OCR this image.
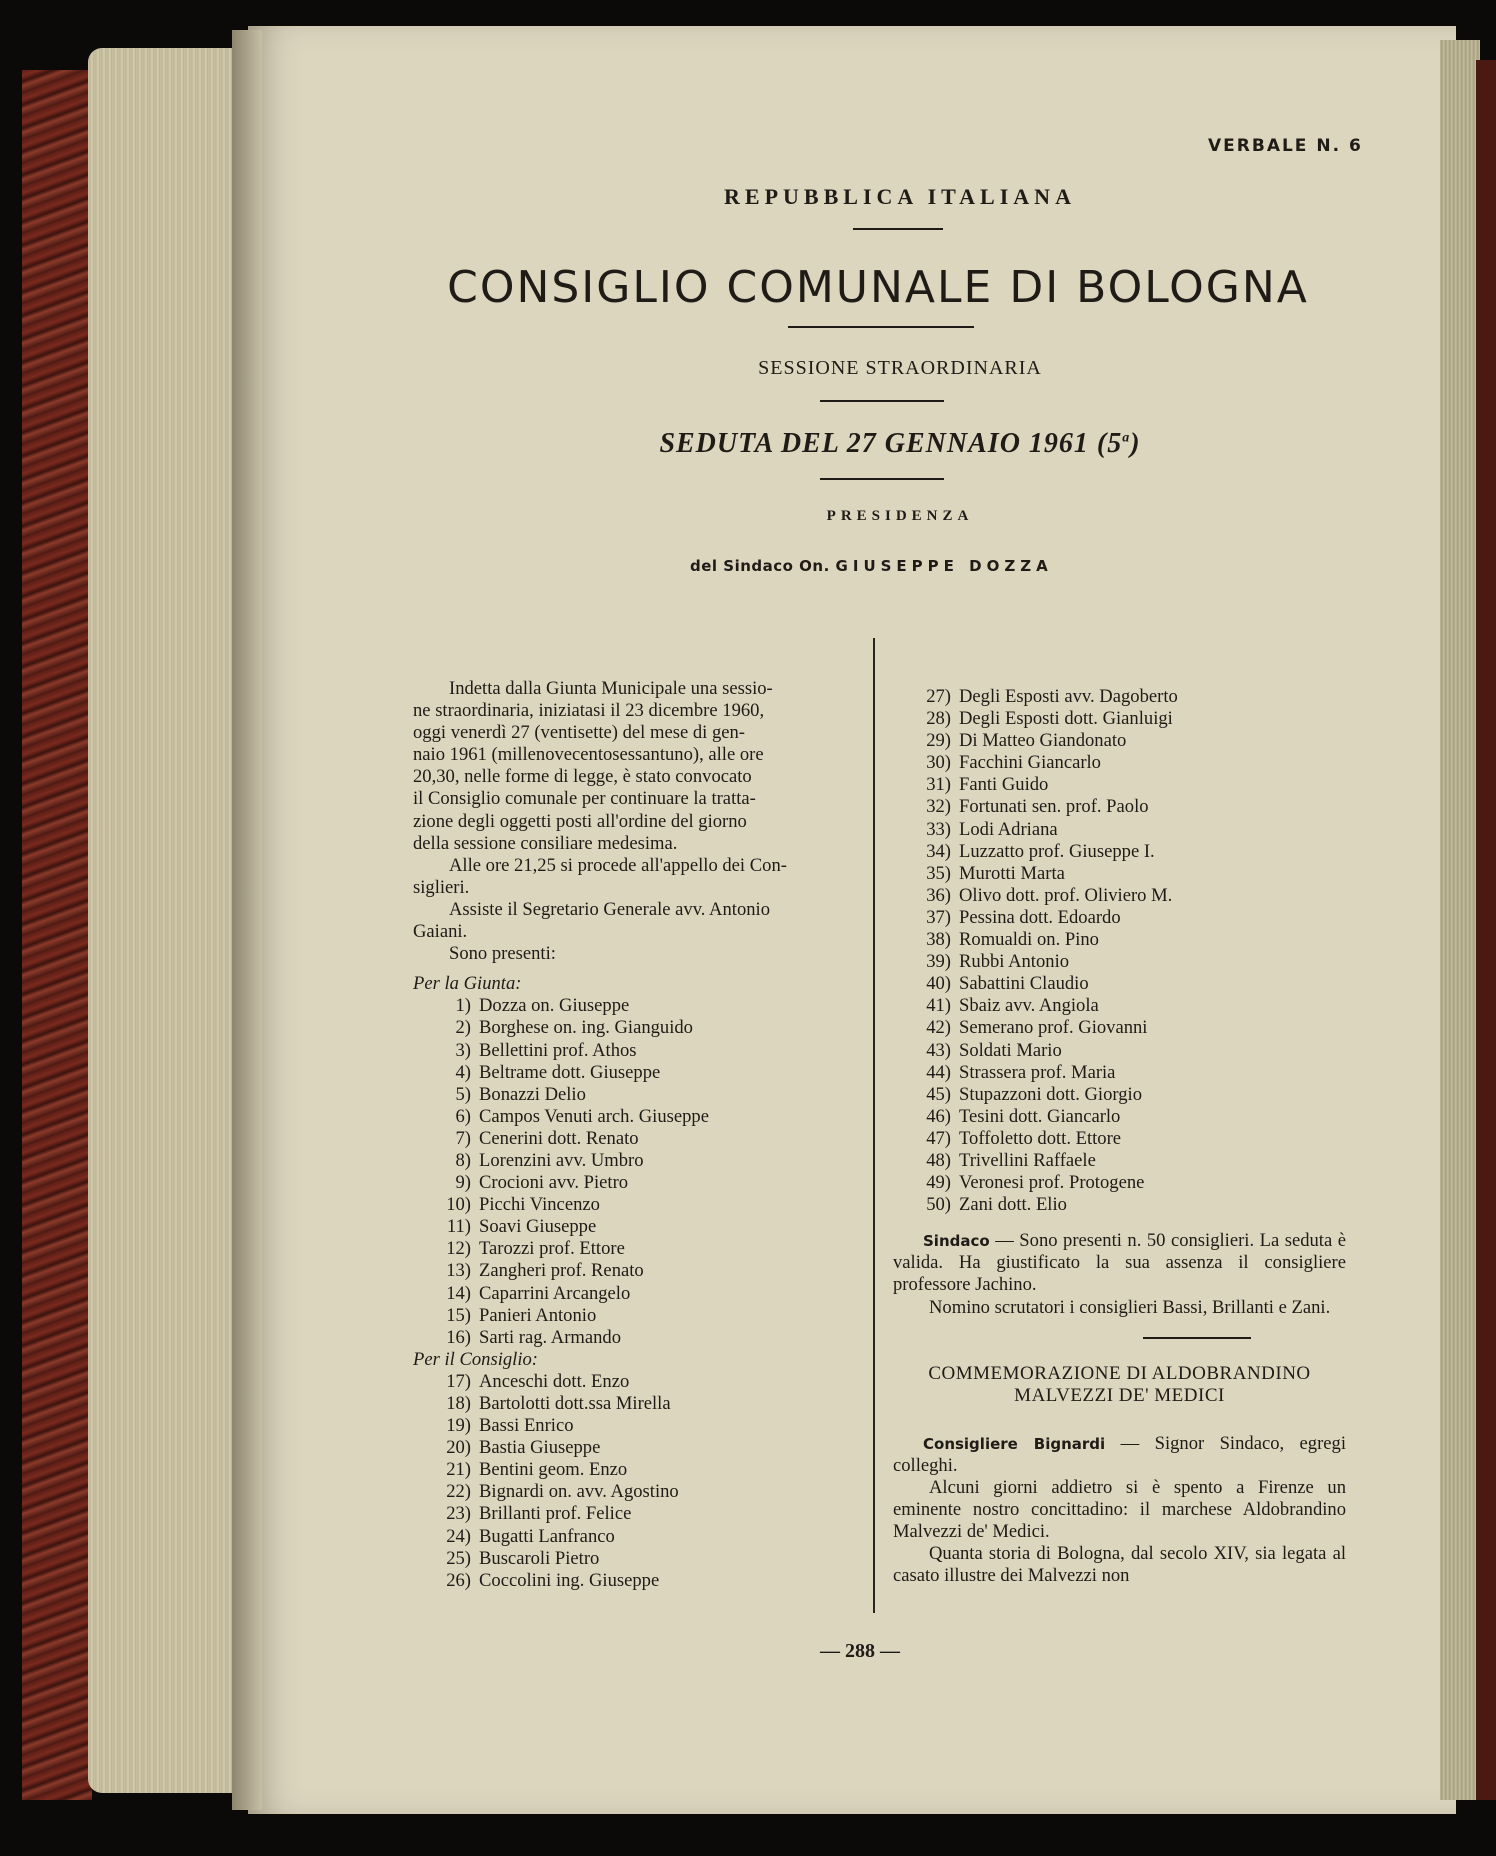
VERBALE N. 6
REPUBBLICA ITALIANA
CONSIGLIO COMUNALE DI BOLOGNA
SESSIONE STRAORDINARIA
SEDUTA DEL 27 GENNAIO 1961 (5$^a$)
PRESIDENZA
del Sindaco On. GIUSEPPE DOZZA
Indetta dalla Giunta Municipale una sessio-
ne straordinaria, iniziatasi il 23 dicembre 1960,
oggi venerdì 27 (ventisette) del mese di gen-
naio 1961 (millenovecentosessantuno), alle ore
20,30, nelle forme di legge, è stato convocato
il Consiglio comunale per continuare la tratta-
zione degli oggetti posti all'ordine del giorno
della sessione consiliare medesima.
Alle ore 21,25 si procede all'appello dei Con-
siglieri.
Assiste il Segretario Generale avv. Antonio
Gaiani.
Sono presenti:
Per la Giunta:
1) Dozza on. Giuseppe
2) Borghese on. ing. Gianguido
3) Bellettini prof. Athos
4) Beltrame dott. Giuseppe
5) Bonazzi Delio
6) Campos Venuti arch. Giuseppe
7) Cenerini dott. Renato
8) Lorenzini avv. Umbro
9) Crocioni avv. Pietro
10) Picchi Vincenzo
11) Soavi Giuseppe
12) Tarozzi prof. Ettore
13) Zangheri prof. Renato
14) Caparrini Arcangelo
15) Panieri Antonio
16) Sarti rag. Armando
Per il Consiglio:
17) Anceschi dott. Enzo
18) Bartolotti dott.ssa Mirella
19) Bassi Enrico
20) Bastia Giuseppe
21) Bentini geom. Enzo
22) Bignardi on. avv. Agostino
23) Brillanti prof. Felice
24) Bugatti Lanfranco
25) Buscaroli Pietro
26) Coccolini ing. Giuseppe
27) Degli Esposti avv. Dagoberto
28) Degli Esposti dott. Gianluigi
29) Di Matteo Giandonato
30) Facchini Giancarlo
31) Fanti Guido
32) Fortunati sen. prof. Paolo
33) Lodi Adriana
34) Luzzatto prof. Giuseppe I.
35) Murotti Marta
36) Olivo dott. prof. Oliviero M.
37) Pessina dott. Edoardo
38) Romualdi on. Pino
39) Rubbi Antonio
40) Sabattini Claudio
41) Sbaiz avv. Angiola
42) Semerano prof. Giovanni
43) Soldati Mario
44) Strassera prof. Maria
45) Stupazzoni dott. Giorgio
46) Tesini dott. Giancarlo
47) Toffoletto dott. Ettore
48) Trivellini Raffaele
49) Veronesi prof. Protogene
50) Zani dott. Elio

Sindaco — Sono presenti n. 50 consiglieri. La seduta è valida. Ha giustificato la sua assenza il consigliere professore Jachino.

Nomino scrutatori i consiglieri Bassi, Brillanti e Zani.

COMMEMORAZIONE DI ALDOBRANDINO
MALVEZZI DE' MEDICI

Consigliere Bignardi — Signor Sindaco, egregi colleghi.

Alcuni giorni addietro si è spento a Firenze un eminente nostro concittadino: il marchese Aldobrandino Malvezzi de' Medici.

Quanta storia di Bologna, dal secolo XIV, sia legata al casato illustre dei Malvezzi non

— 288 —
